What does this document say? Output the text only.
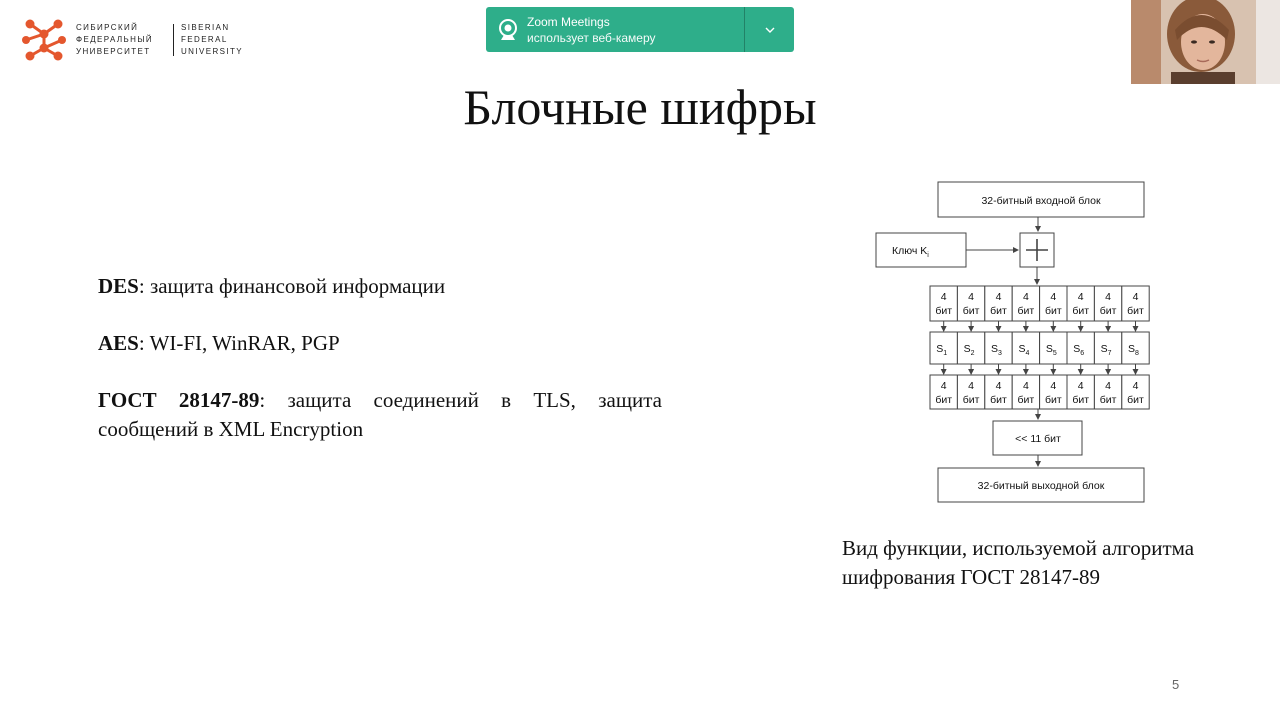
СИБИРСКИЙ
ФЕДЕРАЛЬНЫЙ
УНИВЕРСИТЕТ
SIBERIAN
FEDERAL
UNIVERSITY
Zoom Meetings
использует веб-камеру
Блочные шифры

DES: защита финансовой информации

AES: WI-FI, WinRAR, PGP

ГОСТ 28147-89: защита соединений в TLS, защита сообщений в XML Encryption

4
бит
4
бит
4
бит
4
бит
4
бит
4
бит
4
бит
4
бит
$S_1$ $S_2$ $S_3$ $S_4$ $S_5$ $S_6$ $S_7$ $S_8$
4
бит
4
бит
4
бит
4
бит
4
бит
4
бит
4
бит
4
бит
32-битный входной блок
Ключ $K_i$
<< 11 бит
32-битный выходной блок
Вид функции, используемой алгоритма шифрования ГОСТ 28147-89
5
